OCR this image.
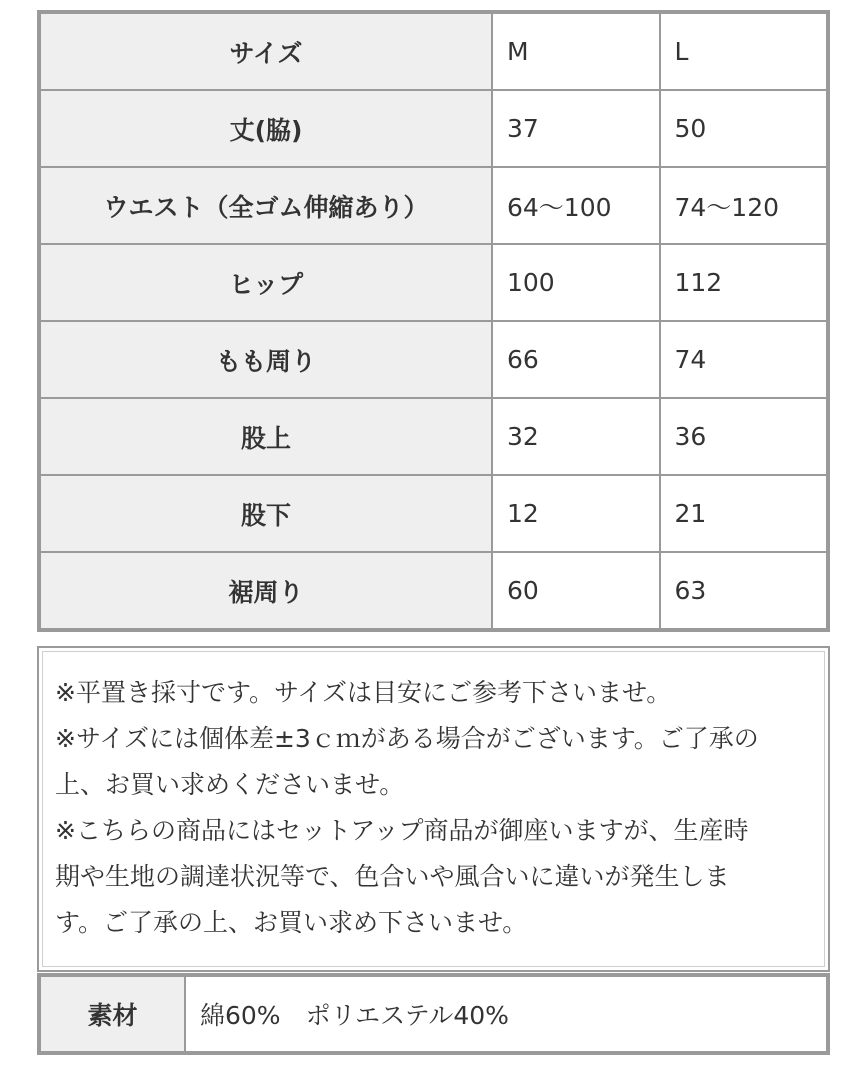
サイズ	M	L
丈(脇)	37	50
ウエスト（全ゴム伸縮あり）	64〜100	74〜120
ヒップ	100	112
もも周り	66	74
股上	32	36
股下	12	21
裾周り	60	63
※平置き採寸です。サイズは目安にご参考下さいませ。
※サイズには個体差±3ｃｍがある場合がございます。ご了承の
上、お買い求めくださいませ。
※こちらの商品にはセットアップ商品が御座いますが、生産時
期や生地の調達状況等で、色合いや風合いに違いが発生しま
す。ご了承の上、お買い求め下さいませ。
素材	綿60%　ポリエステル40%
